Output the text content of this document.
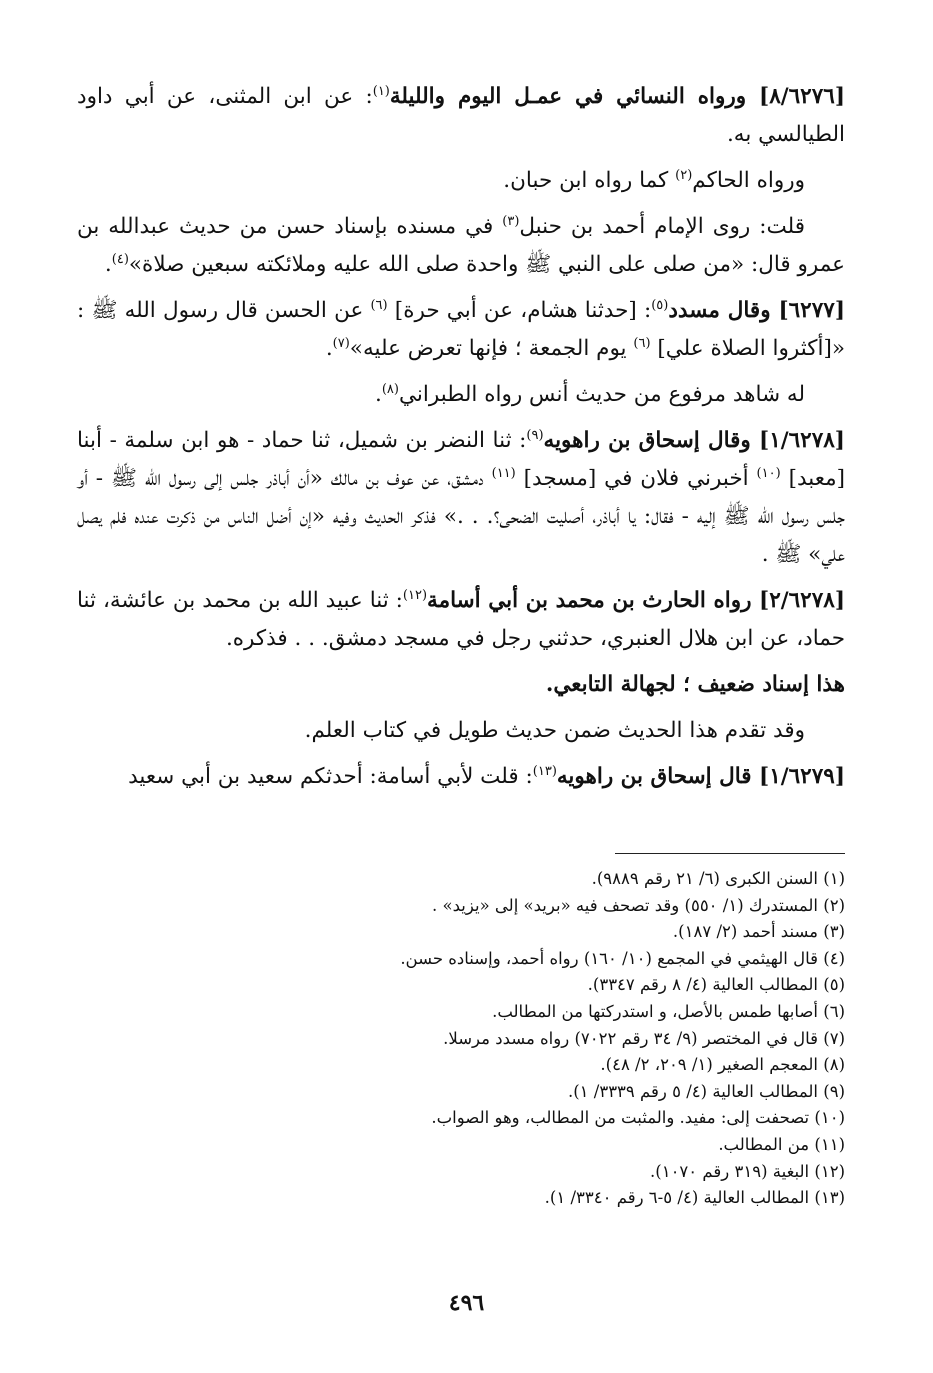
[٨/٦٢٧٦] ورواه النسائي في عمـل اليوم والليلة$^{(١)}$: عن ابن المثنى، عن أبي داود الطيالسي به.

ورواه الحاكم$^{(٢)}$ كما رواه ابن حبان.

قلت: روى الإمام أحمد بن حنبل$^{(٣)}$ في مسنده بإسناد حسن من حديث عبدالله بن عمرو قال: «من صلى على النبي ﷺ واحدة صلى الله عليه وملائكته سبعين صلاة»$^{(٤)}$.

[٦٢٧٧] وقال مسدد$^{(٥)}$: [حدثنا هشام، عن أبي حرة] $^{(٦)}$ عن الحسن قال رسول الله ﷺ : «[أكثروا الصلاة علي] $^{(٦)}$ يوم الجمعة ؛ فإنها تعرض عليه»$^{(٧)}$.

له شاهد مرفوع من حديث أنس رواه الطبراني$^{(٨)}$.

[١/٦٢٧٨] وقال إسحاق بن راهويه$^{(٩)}$: ثنا النضر بن شميل، ثنا حماد - هو ابن سلمة - أبنا [معبد] $^{(١٠)}$ أخبرني فلان في [مسجد] $^{(١١)}$ دمشق، عن عوف بن مالك «أن أباذر جلس إلى رسول الله ﷺ - أو جلس رسول الله ﷺ إليه - فقال: يا أباذر، أصليت الضحى؟. . .» فذكر الحديث وفيه «إن أضل الناس من ذكرت عنده فلم يصل علي» ﷺ .

[٢/٦٢٧٨] رواه الحارث بن محمد بن أبي أسامة$^{(١٢)}$: ثنا عبيد الله بن محمد بن عائشة، ثنا حماد، عن ابن هلال العنبري، حدثني رجل في مسجد دمشق. . . فذكره.

هذا إسناد ضعيف ؛ لجهالة التابعي.

وقد تقدم هذا الحديث ضمن حديث طويل في كتاب العلم.

[١/٦٢٧٩] قال إسحاق بن راهويه$^{(١٣)}$: قلت لأبي أسامة: أحدثكم سعيد بن أبي سعيد

(١) السنن الكبرى (٦/ ٢١ رقم ٩٨٨٩).
(٢) المستدرك (١/ ٥٥٠) وقد تصحف فيه «بريد» إلى «يزيد» .
(٣) مسند أحمد (٢/ ١٨٧).
(٤) قال الهيثمي في المجمع (١٠/ ١٦٠) رواه أحمد، وإسناده حسن.
(٥) المطالب العالية (٤/ ٨ رقم ٣٣٤٧).
(٦) أصابها طمس بالأصل، و استدركتها من المطالب.
(٧) قال في المختصر (٩/ ٣٤ رقم ٧٠٢٢) رواه مسدد مرسلا.
(٨) المعجم الصغير (١/ ٢٠٩، ٢/ ٤٨).
(٩) المطالب العالية (٤/ ٥ رقم ٣٣٣٩/ ١).
(١٠) تصحفت إلى: مفيد. والمثبت من المطالب، وهو الصواب.
(١١) من المطالب.
(١٢) البغية (٣١٩ رقم ١٠٧٠).
(١٣) المطالب العالية (٤/ ٥-٦ رقم ٣٣٤٠/ ١).
٤٩٦
